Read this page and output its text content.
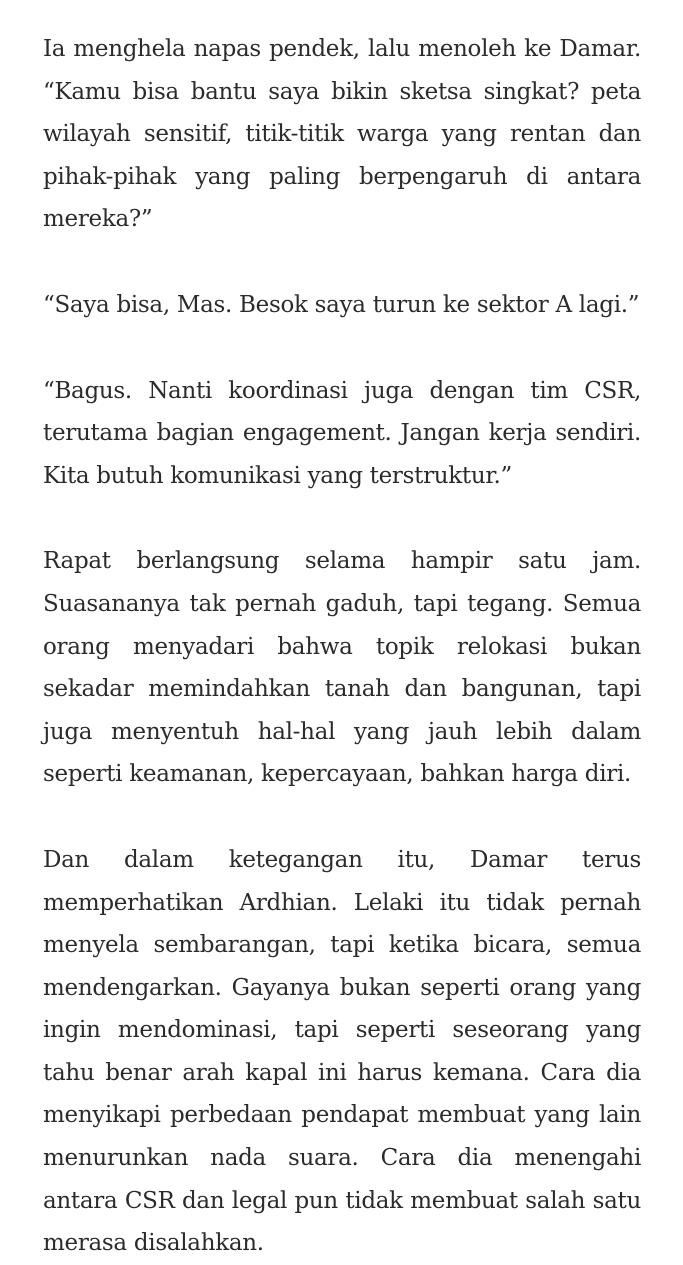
Ia menghela napas pendek, lalu menoleh ke Damar. “Kamu bisa bantu saya bikin sketsa singkat? peta wilayah sensitif, titik-titik warga yang rentan dan pihak-pihak yang paling berpengaruh di antara mereka?”

“Saya bisa, Mas. Besok saya turun ke sektor A lagi.”

“Bagus. Nanti koordinasi juga dengan tim CSR, terutama bagian engagement. Jangan kerja sendiri. Kita butuh komunikasi yang terstruktur.”

Rapat berlangsung selama hampir satu jam. Suasananya tak pernah gaduh, tapi tegang. Semua orang menyadari bahwa topik relokasi bukan sekadar memindahkan tanah dan bangunan, tapi juga menyentuh hal-hal yang jauh lebih dalam seperti keamanan, kepercayaan, bahkan harga diri.

Dan dalam ketegangan itu, Damar terus memperhatikan Ardhian. Lelaki itu tidak pernah menyela sembarangan, tapi ketika bicara, semua mendengarkan. Gayanya bukan seperti orang yang ingin mendominasi, tapi seperti seseorang yang tahu benar arah kapal ini harus kemana. Cara dia menyikapi perbedaan pendapat membuat yang lain menurunkan nada suara. Cara dia menengahi antara CSR dan legal pun tidak membuat salah satu merasa disalahkan.
